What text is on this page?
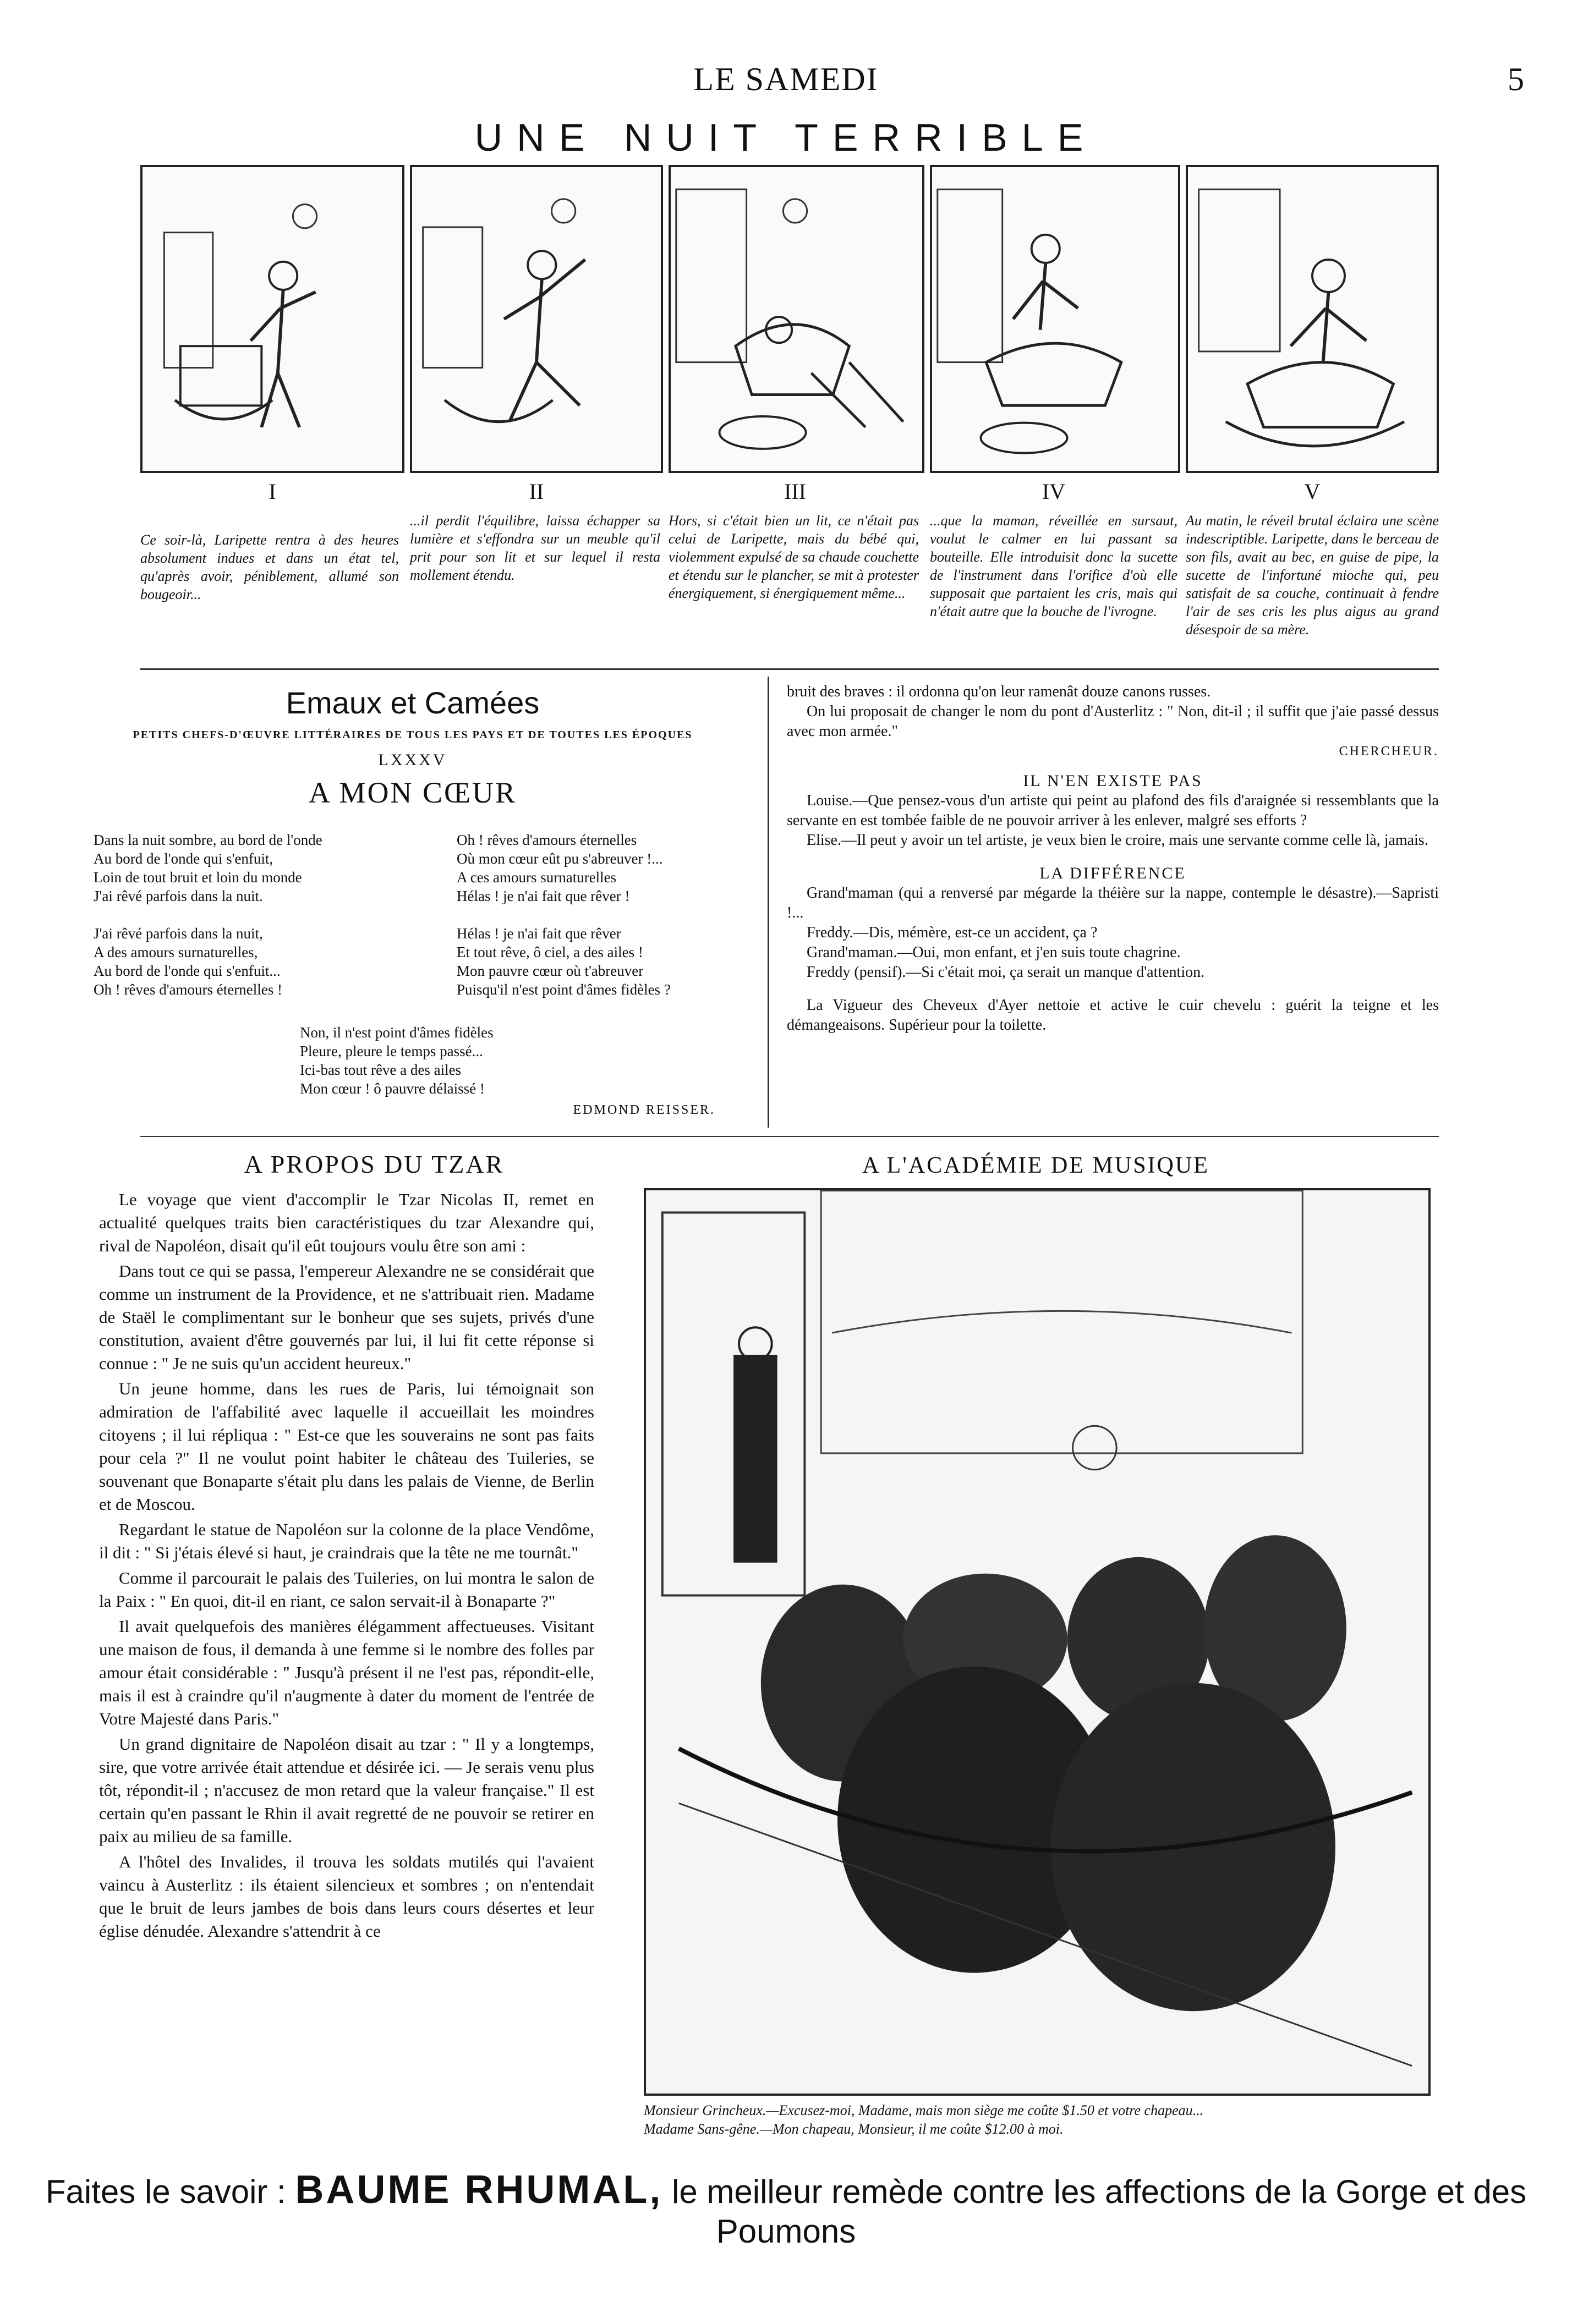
LE SAMEDI	5
UNE NUIT TERRIBLE
I	II	III	IV	V
Ce soir-là, Laripette rentra à des heures absolument indues et dans un état tel, qu'après avoir, péniblement, allumé son bougeoir...
...il perdit l'équilibre, laissa échapper sa lumière et s'effondra sur un meuble qu'il prit pour son lit et sur lequel il resta mollement étendu.
Hors, si c'était bien un lit, ce n'était pas celui de Laripette, mais du bébé qui, violemment expulsé de sa chaude couchette et étendu sur le plancher, se mit à protester énergiquement, si énergiquement même...
...que la maman, réveillée en sursaut, voulut le calmer en lui passant sa bouteille. Elle introduisit donc la sucette de l'instrument dans l'orifice d'où elle supposait que partaient les cris, mais qui n'était autre que la bouche de l'ivrogne.
Au matin, le réveil brutal éclaira une scène indescriptible. Laripette, dans le berceau de son fils, avait au bec, en guise de pipe, la sucette de l'infortuné mioche qui, peu satisfait de sa couche, continuait à fendre l'air de ses cris les plus aigus au grand désespoir de sa mère.
Emaux et Camées
PETITS CHEFS-D'ŒUVRE LITTÉRAIRES DE TOUS LES PAYS ET DE TOUTES LES ÉPOQUES
LXXXV
A MON CŒUR

Dans la nuit sombre, au bord de l'onde

Au bord de l'onde qui s'enfuit,

Loin de tout bruit et loin du monde

J'ai rêvé parfois dans la nuit.

J'ai rêvé parfois dans la nuit,

A des amours surnaturelles,

Au bord de l'onde qui s'enfuit...

Oh ! rêves d'amours éternelles !

Oh ! rêves d'amours éternelles

Où mon cœur eût pu s'abreuver !...

A ces amours surnaturelles

Hélas ! je n'ai fait que rêver !

Hélas ! je n'ai fait que rêver

Et tout rêve, ô ciel, a des ailes !

Mon pauvre cœur où t'abreuver

Puisqu'il n'est point d'âmes fidèles ?

Non, il n'est point d'âmes fidèles

Pleure, pleure le temps passé...

Ici-bas tout rêve a des ailes

Mon cœur ! ô pauvre délaissé !

EDMOND REISSER.

bruit des braves : il ordonna qu'on leur ramenât douze canons russes.

On lui proposait de changer le nom du pont d'Austerlitz : " Non, dit-il ; il suffit que j'aie passé dessus avec mon armée."

CHERCHEUR.

IL N'EN EXISTE PAS

Louise.—Que pensez-vous d'un artiste qui peint au plafond des fils d'araignée si ressemblants que la servante en est tombée faible de ne pouvoir arriver à les enlever, malgré ses efforts ?

Elise.—Il peut y avoir un tel artiste, je veux bien le croire, mais une servante comme celle là, jamais.

LA DIFFÉRENCE

Grand'maman (qui a renversé par mégarde la théière sur la nappe, contemple le désastre).—Sapristi !...

Freddy.—Dis, mémère, est-ce un accident, ça ?

Grand'maman.—Oui, mon enfant, et j'en suis toute chagrine.

Freddy (pensif).—Si c'était moi, ça serait un manque d'attention.

La Vigueur des Cheveux d'Ayer nettoie et active le cuir chevelu : guérit la teigne et les démangeaisons. Supérieur pour la toilette.

A PROPOS DU TZAR

Le voyage que vient d'accomplir le Tzar Nicolas II, remet en actualité quelques traits bien caractéristiques du tzar Alexandre qui, rival de Napoléon, disait qu'il eût toujours voulu être son ami :

Dans tout ce qui se passa, l'empereur Alexandre ne se considérait que comme un instrument de la Providence, et ne s'attribuait rien. Madame de Staël le complimentant sur le bonheur que ses sujets, privés d'une constitution, avaient d'être gouvernés par lui, il lui fit cette réponse si connue : " Je ne suis qu'un accident heureux."

Un jeune homme, dans les rues de Paris, lui témoignait son admiration de l'affabilité avec laquelle il accueillait les moindres citoyens ; il lui répliqua : " Est-ce que les souverains ne sont pas faits pour cela ?" Il ne voulut point habiter le château des Tuileries, se souvenant que Bonaparte s'était plu dans les palais de Vienne, de Berlin et de Moscou.

Regardant le statue de Napoléon sur la colonne de la place Vendôme, il dit : " Si j'étais élevé si haut, je craindrais que la tête ne me tournât."

Comme il parcourait le palais des Tuileries, on lui montra le salon de la Paix : " En quoi, dit-il en riant, ce salon servait-il à Bonaparte ?"

Il avait quelquefois des manières élégamment affectueuses. Visitant une maison de fous, il demanda à une femme si le nombre des folles par amour était considérable : " Jusqu'à présent il ne l'est pas, répondit-elle, mais il est à craindre qu'il n'augmente à dater du moment de l'entrée de Votre Majesté dans Paris."

Un grand dignitaire de Napoléon disait au tzar : " Il y a longtemps, sire, que votre arrivée était attendue et désirée ici. — Je serais venu plus tôt, répondit-il ; n'accusez de mon retard que la valeur française." Il est certain qu'en passant le Rhin il avait regretté de ne pouvoir se retirer en paix au milieu de sa famille.

A l'hôtel des Invalides, il trouva les soldats mutilés qui l'avaient vaincu à Austerlitz : ils étaient silencieux et sombres ; on n'entendait que le bruit de leurs jambes de bois dans leurs cours désertes et leur église dénudée. Alexandre s'attendrit à ce

A L'ACADÉMIE DE MUSIQUE
Monsieur Grincheux.—Excusez-moi, Madame, mais mon siège me coûte $1.50 et votre chapeau...
Madame Sans-gêne.—Mon chapeau, Monsieur, il me coûte $12.00 à moi.
Faites le savoir : BAUME RHUMAL, le meilleur remède contre les affections de la Gorge et des Poumons
